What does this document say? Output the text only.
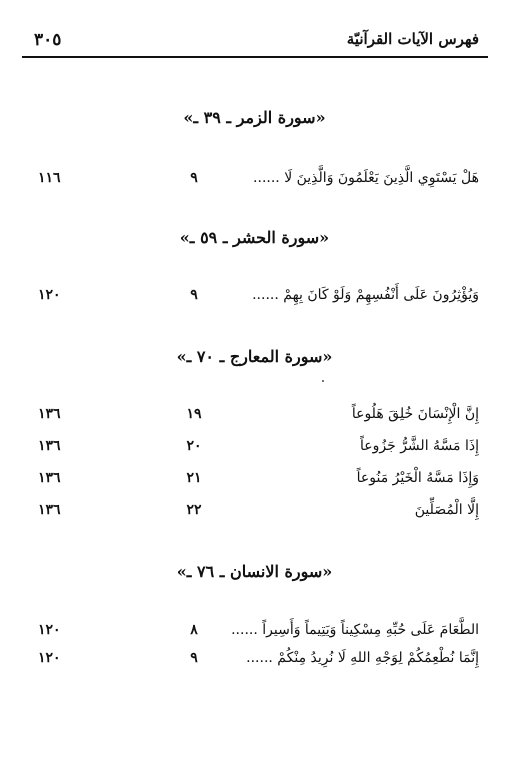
فهرس الآيات القرآنيّة
٣٠٥
«سورة الزمر ـ ٣٩ ـ»
هَلْ يَسْتَوِي الَّذِينَ يَعْلَمُونَ وَالَّذِينَ لَا ......
٩
١١٦
«سورة الحشر ـ ٥٩ ـ»
وَيُؤْثِرُونَ عَلَى أَنْفُسِهِمْ وَلَوْ كَانَ بِهِمْ ......
٩
١٢٠
«سورة المعارج ـ ٧٠ ـ»
إِنَّ الْإِنْسَانَ خُلِقَ هَلُوعاً
١٩
١٣٦
إِذَا مَسَّهُ الشَّرُّ جَزُوعاً
٢٠
١٣٦
وَإِذَا مَسَّهُ الْخَيْرُ مَنُوعاً
٢١
١٣٦
إِلَّا الْمُصَلِّينَ
٢٢
١٣٦
«سورة الانسان ـ ٧٦ ـ»
الطَّعَامَ عَلَى حُبِّهِ مِسْكِيناً وَيَتِيماً وَأَسِيراً ......
٨
١٢٠
إِنَّمَا نُطْعِمُكُمْ لِوَجْهِ اللهِ لَا نُرِيدُ مِنْكُمْ ......
٩
١٢٠
